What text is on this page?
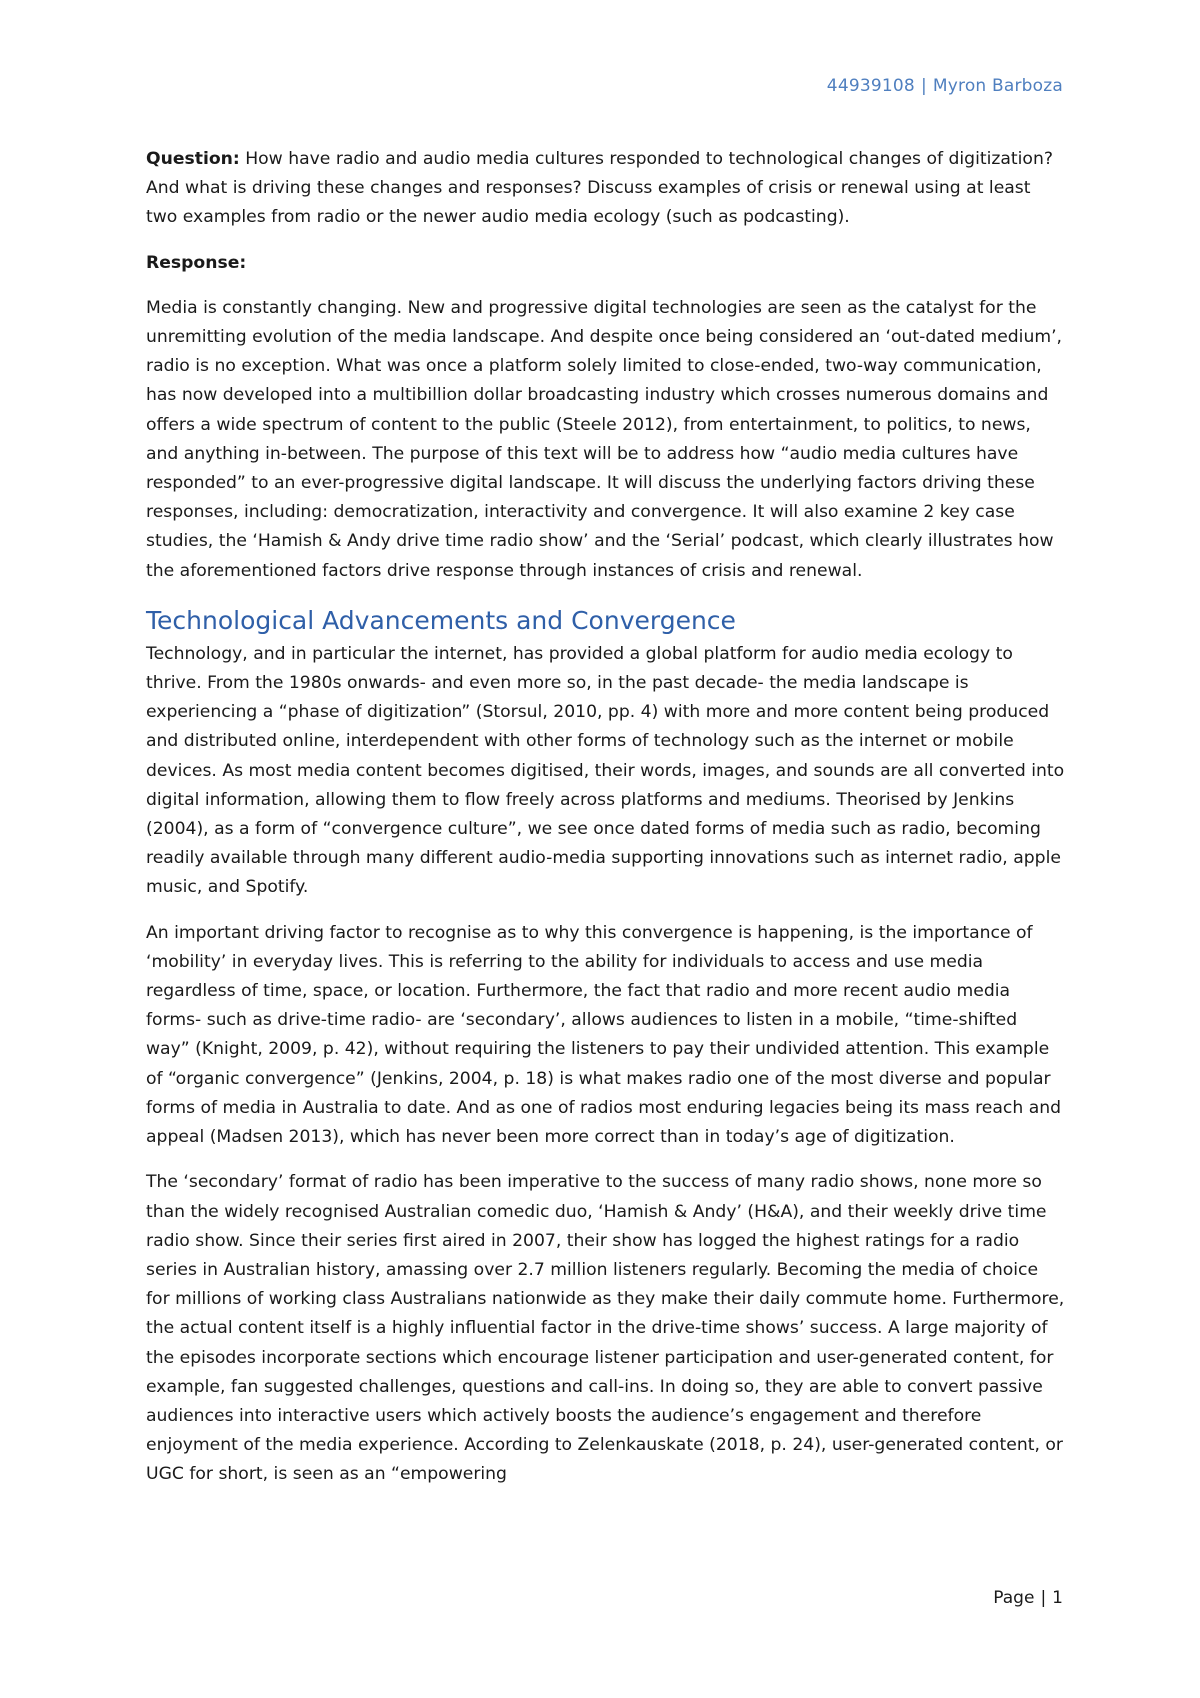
44939108 | Myron Barboza

Question: How have radio and audio media cultures responded to technological changes of digitization? And what is driving these changes and responses? Discuss examples of crisis or renewal using at least two examples from radio or the newer audio media ecology (such as podcasting).

Response:

Media is constantly changing. New and progressive digital technologies are seen as the catalyst for the unremitting evolution of the media landscape. And despite once being considered an ‘out-dated medium’, radio is no exception. What was once a platform solely limited to close-ended, two-way communication, has now developed into a multibillion dollar broadcasting industry which crosses numerous domains and offers a wide spectrum of content to the public (Steele 2012), from entertainment, to politics, to news, and anything in-between. The purpose of this text will be to address how “audio media cultures have responded” to an ever-progressive digital landscape. It will discuss the underlying factors driving these responses, including: democratization, interactivity and convergence. It will also examine 2 key case studies, the ‘Hamish & Andy drive time radio show’ and the ‘Serial’ podcast, which clearly illustrates how the aforementioned factors drive response through instances of crisis and renewal.

Technological Advancements and Convergence

Technology, and in particular the internet, has provided a global platform for audio media ecology to thrive. From the 1980s onwards- and even more so, in the past decade- the media landscape is experiencing a “phase of digitization” (Storsul, 2010, pp. 4) with more and more content being produced and distributed online, interdependent with other forms of technology such as the internet or mobile devices. As most media content becomes digitised, their words, images, and sounds are all converted into digital information, allowing them to flow freely across platforms and mediums. Theorised by Jenkins (2004), as a form of “convergence culture”, we see once dated forms of media such as radio, becoming readily available through many different audio-media supporting innovations such as internet radio, apple music, and Spotify.

An important driving factor to recognise as to why this convergence is happening, is the importance of ‘mobility’ in everyday lives. This is referring to the ability for individuals to access and use media regardless of time, space, or location. Furthermore, the fact that radio and more recent audio media forms- such as drive-time radio- are ‘secondary’, allows audiences to listen in a mobile, “time-shifted way” (Knight, 2009, p. 42), without requiring the listeners to pay their undivided attention. This example of “organic convergence” (Jenkins, 2004, p. 18) is what makes radio one of the most diverse and popular forms of media in Australia to date. And as one of radios most enduring legacies being its mass reach and appeal (Madsen 2013), which has never been more correct than in today’s age of digitization.

The ‘secondary’ format of radio has been imperative to the success of many radio shows, none more so than the widely recognised Australian comedic duo, ‘Hamish & Andy’ (H&A), and their weekly drive time radio show. Since their series first aired in 2007, their show has logged the highest ratings for a radio series in Australian history, amassing over 2.7 million listeners regularly. Becoming the media of choice for millions of working class Australians nationwide as they make their daily commute home. Furthermore, the actual content itself is a highly influential factor in the drive-time shows’ success. A large majority of the episodes incorporate sections which encourage listener participation and user-generated content, for example, fan suggested challenges, questions and call-ins. In doing so, they are able to convert passive audiences into interactive users which actively boosts the audience’s engagement and therefore enjoyment of the media experience. According to Zelenkauskate (2018, p. 24), user-generated content, or UGC for short, is seen as an “empowering

Page | 1
